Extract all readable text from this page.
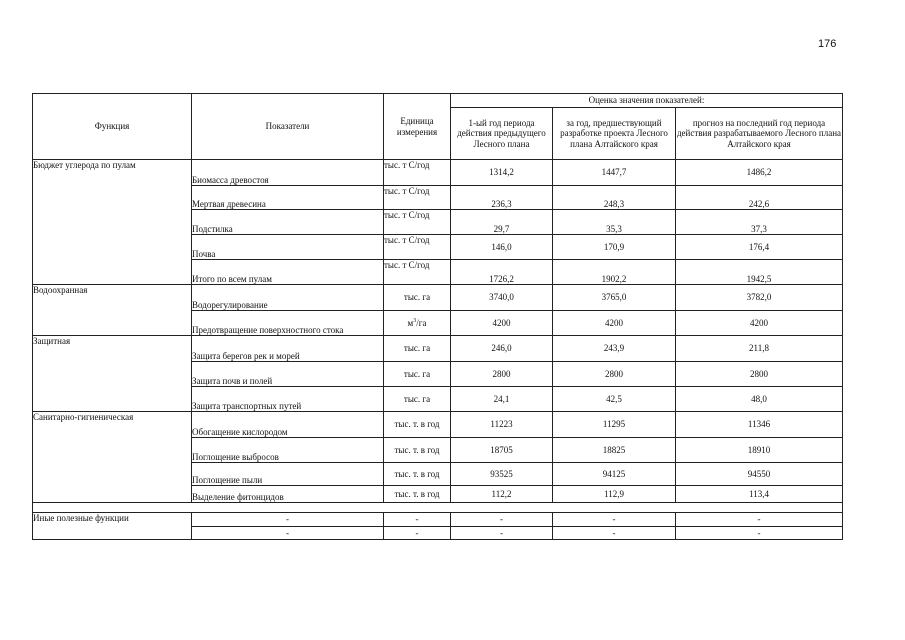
176
Функция	Показатели	Единица измерения	Оценка значения показателей:		
			1-ый год периода действия предыдущего Лесного плана	за год, предшествующий разработке проекта Лесного плана Алтайского края	прогноз на последний год периода действия разрабатываемого Лесного плана Алтайского края
Бюджет углерода по пулам	Биомасса древостоя	тыс. т С/год	1314,2	1447,7	1486,2
	Мертвая древесина	тыс. т С/год	236,3	248,3	242,6
	Подстилка	тыс. т С/год	29,7	35,3	37,3
	Почва	тыс. т С/год	146,0	170,9	176,4
	Итого по всем пулам	тыс. т С/год	1726,2	1902,2	1942,5
Водоохранная	Водорегулирование	тыс. га	3740,0	3765,0	3782,0
	Предотвращение поверхностного стока	$м^3/га$	4200	4200	4200
Защитная	Защита берегов рек и морей	тыс. га	246,0	243,9	211,8
	Защита почв и полей	тыс. га	2800	2800	2800
	Защита транспортных путей	тыс. га	24,1	42,5	48,0
Санитарно-гигиеническая	Обогащение кислородом	тыс. т. в год	11223	11295	11346
	Поглощение выбросов	тыс. т. в год	18705	18825	18910
	Поглощение пыли	тыс. т. в год	93525	94125	94550
	Выделение фитонцидов	тыс. т. в год	112,2	112,9	113,4

Иные полезные функции	-	-	-	-	-
	-	-	-	-	-
